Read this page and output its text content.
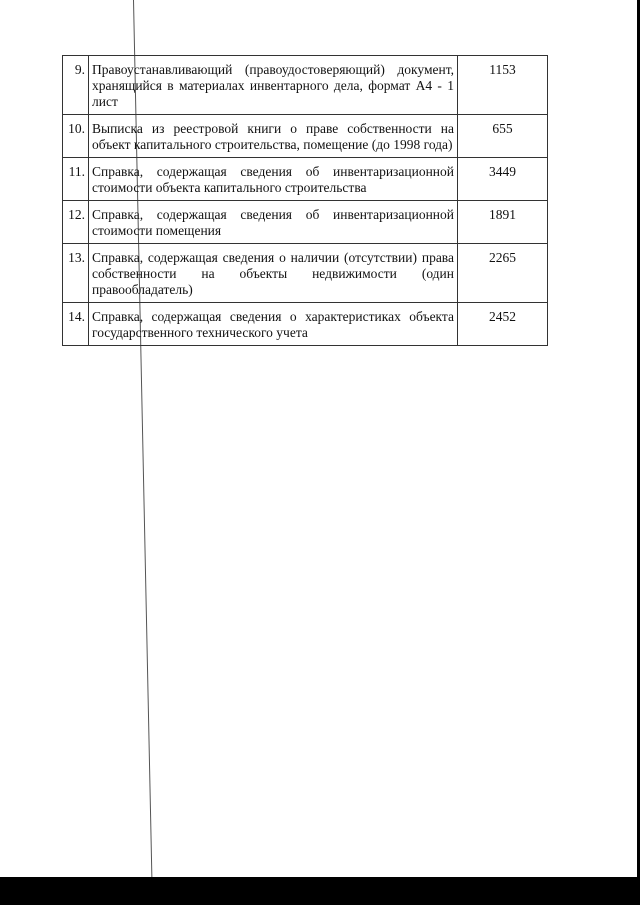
9.	Правоустанавливающий (правоудостоверяющий) документ, хранящийся в материалах инвентарного дела, формат А4 - 1 лист	1153
10.	Выписка из реестровой книги о праве собственности на объект капитального строительства, помещение (до 1998 года)	655
11.	Справка, содержащая сведения об инвентаризационной стоимости объекта капитального строительства	3449
12.	Справка, содержащая сведения об инвентаризационной стоимости помещения	1891
13.	Справка, содержащая сведения о наличии (отсутствии) права собственности на объекты недвижимости (один правообладатель)	2265
14.	Справка, содержащая сведения о характеристиках объекта государственного технического учета	2452
